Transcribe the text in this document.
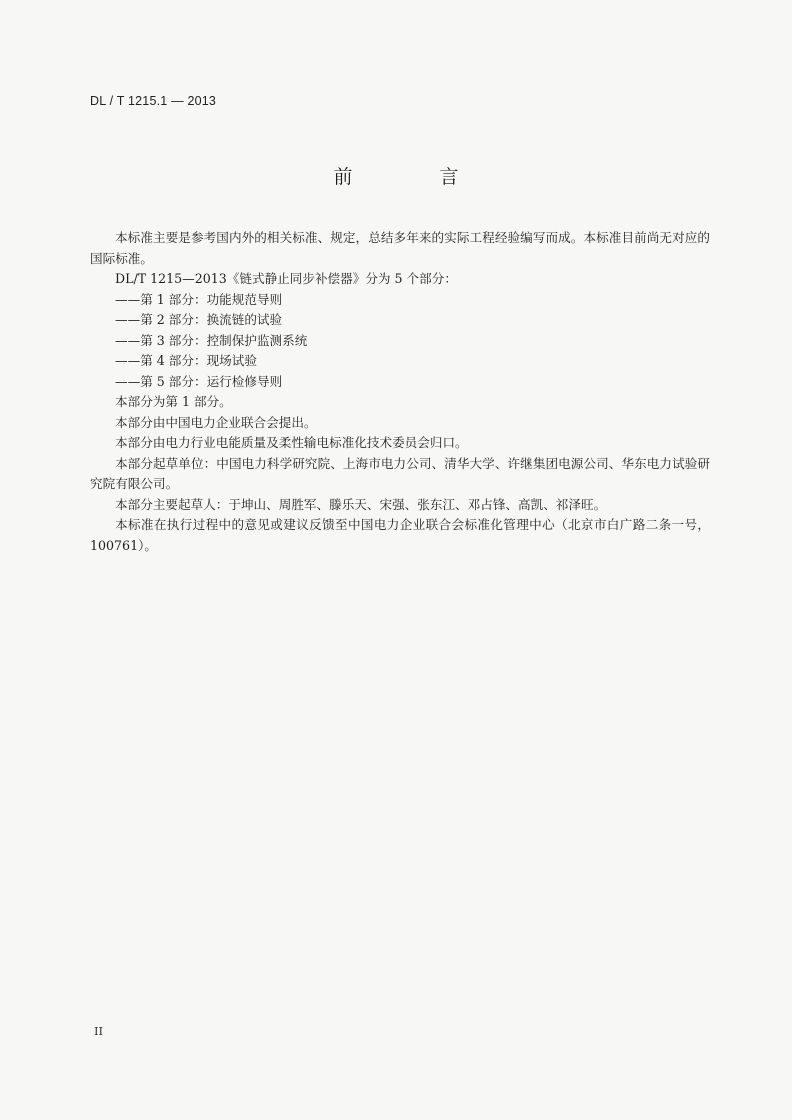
DL / T 1215.1 — 2013
前　言

本标准主要是参考国内外的相关标准、规定，总结多年来的实际工程经验编写而成。本标准目前尚无对应的国际标准。

DL/T 1215—2013《链式静止同步补偿器》分为 5 个部分：

——第 1 部分：功能规范导则

——第 2 部分：换流链的试验

——第 3 部分：控制保护监测系统

——第 4 部分：现场试验

——第 5 部分：运行检修导则

本部分为第 1 部分。

本部分由中国电力企业联合会提出。

本部分由电力行业电能质量及柔性输电标准化技术委员会归口。

本部分起草单位：中国电力科学研究院、上海市电力公司、清华大学、许继集团电源公司、华东电力试验研究院有限公司。

本部分主要起草人：于坤山、周胜军、滕乐天、宋强、张东江、邓占锋、高凯、祁泽旺。

本标准在执行过程中的意见或建议反馈至中国电力企业联合会标准化管理中心（北京市白广路二条一号，100761）。

II
